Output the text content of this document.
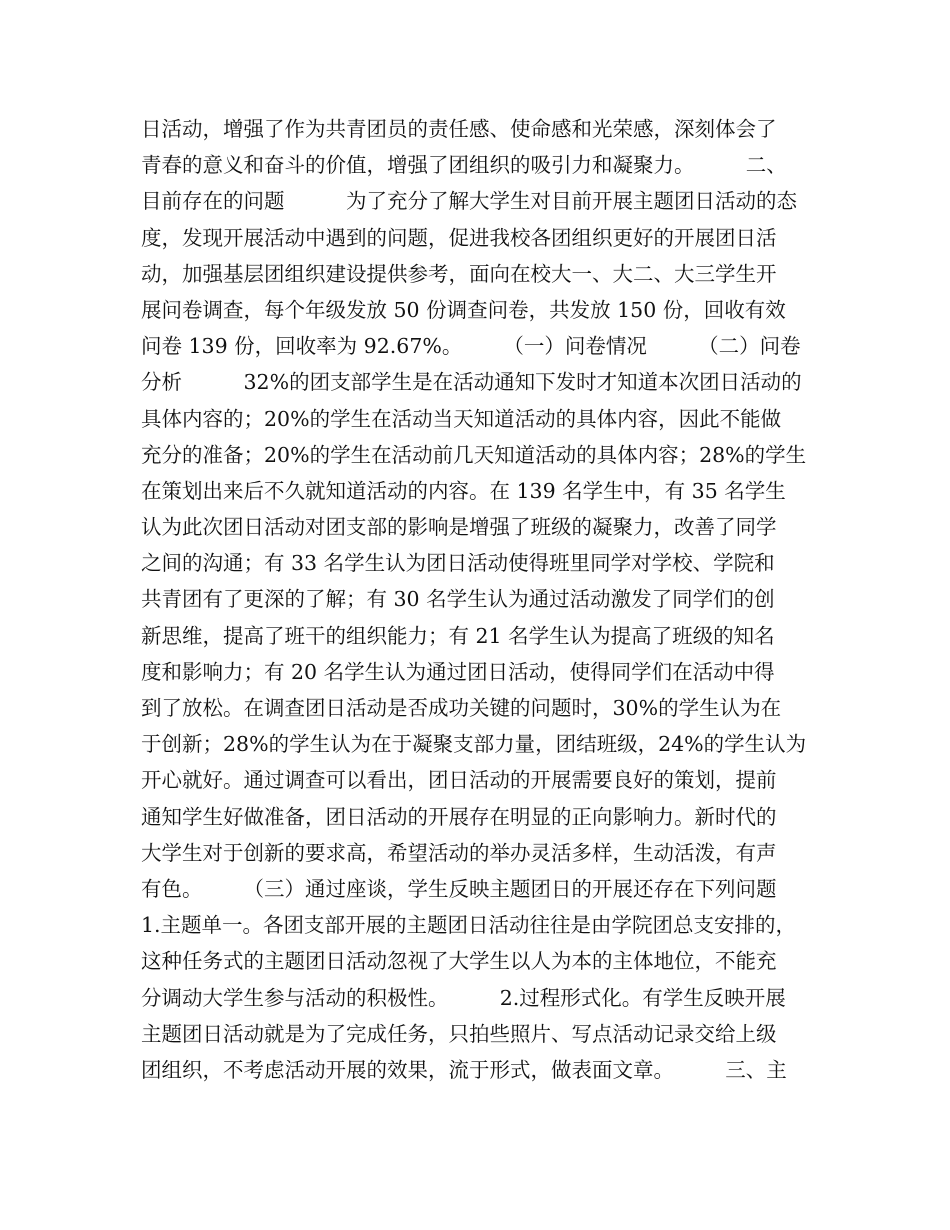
日活动，增强了作为共青团员的责任感、使命感和光荣感，深刻体会了
青春的意义和奋斗的价值，增强了团组织的吸引力和凝聚力。　　　二、
目前存在的问题　　　为了充分了解大学生对目前开展主题团日活动的态
度，发现开展活动中遇到的问题，促进我校各团组织更好的开展团日活
动，加强基层团组织建设提供参考，面向在校大一、大二、大三学生开
展问卷调查，每个年级发放 50 份调查问卷，共发放 150 份，回收有效
问卷 139 份，回收率为 92.67%。　　　（一）问卷情况　　　（二）问卷
分析　　　32%的团支部学生是在活动通知下发时才知道本次团日活动的
具体内容的；20%的学生在活动当天知道活动的具体内容，因此不能做
充分的准备；20%的学生在活动前几天知道活动的具体内容；28%的学生
在策划出来后不久就知道活动的内容。在 139 名学生中，有 35 名学生
认为此次团日活动对团支部的影响是增强了班级的凝聚力，改善了同学
之间的沟通；有 33 名学生认为团日活动使得班里同学对学校、学院和
共青团有了更深的了解；有 30 名学生认为通过活动激发了同学们的创
新思维，提高了班干的组织能力；有 21 名学生认为提高了班级的知名
度和影响力；有 20 名学生认为通过团日活动，使得同学们在活动中得
到了放松。在调查团日活动是否成功关键的问题时，30%的学生认为在
于创新；28%的学生认为在于凝聚支部力量，团结班级，24%的学生认为
开心就好。通过调查可以看出，团日活动的开展需要良好的策划，提前
通知学生好做准备，团日活动的开展存在明显的正向影响力。新时代的
大学生对于创新的要求高，希望活动的举办灵活多样，生动活泼，有声
有色。　　　（三）通过座谈，学生反映主题团日的开展还存在下列问题
1.主题单一。各团支部开展的主题团日活动往往是由学院团总支安排的，
这种任务式的主题团日活动忽视了大学生以人为本的主体地位，不能充
分调动大学生参与活动的积极性。　　　2.过程形式化。有学生反映开展
主题团日活动就是为了完成任务，只拍些照片、写点活动记录交给上级
团组织，不考虑活动开展的效果，流于形式，做表面文章。　　　三、主
